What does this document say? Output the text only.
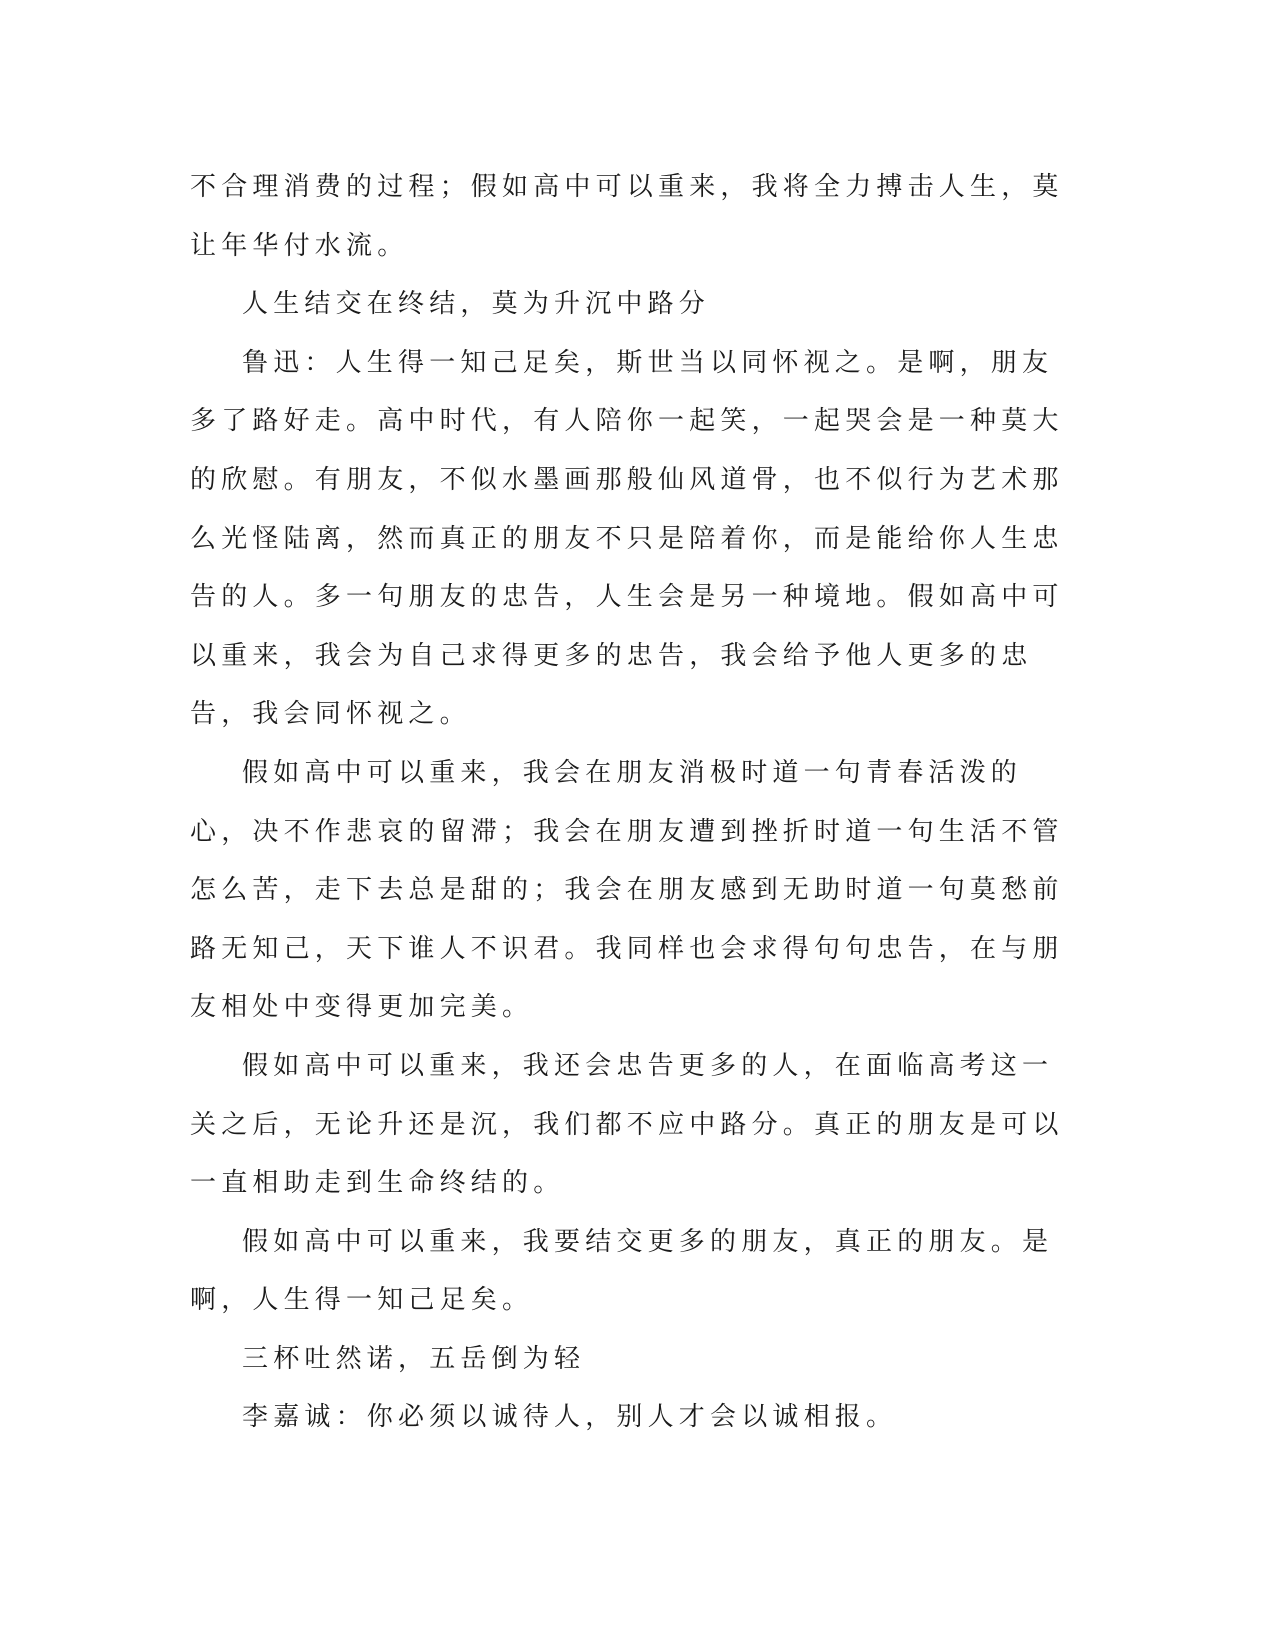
不合理消费的过程；假如高中可以重来，我将全力搏击人生，莫让年华付水流。

人生结交在终结，莫为升沉中路分

鲁迅：人生得一知己足矣，斯世当以同怀视之。是啊，朋友多了路好走。高中时代，有人陪你一起笑，一起哭会是一种莫大的欣慰。有朋友，不似水墨画那般仙风道骨，也不似行为艺术那么光怪陆离，然而真正的朋友不只是陪着你，而是能给你人生忠告的人。多一句朋友的忠告，人生会是另一种境地。假如高中可以重来，我会为自己求得更多的忠告，我会给予他人更多的忠告，我会同怀视之。

假如高中可以重来，我会在朋友消极时道一句青春活泼的心，决不作悲哀的留滞；我会在朋友遭到挫折时道一句生活不管怎么苦，走下去总是甜的；我会在朋友感到无助时道一句莫愁前路无知己，天下谁人不识君。我同样也会求得句句忠告，在与朋友相处中变得更加完美。

假如高中可以重来，我还会忠告更多的人，在面临高考这一关之后，无论升还是沉，我们都不应中路分。真正的朋友是可以一直相助走到生命终结的。

假如高中可以重来，我要结交更多的朋友，真正的朋友。是啊，人生得一知己足矣。

三杯吐然诺，五岳倒为轻

李嘉诚：你必须以诚待人，别人才会以诚相报。
